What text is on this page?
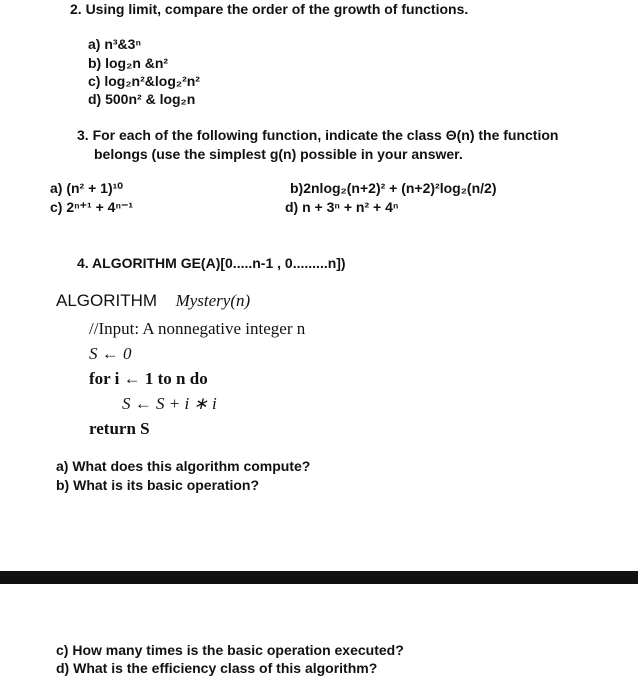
2. Using limit, compare the order of the growth of functions.
a) n³&3ⁿ
b) log₂n &n²
c) log₂n²&log₂²n²
d) 500n² & log₂n
3. For each of the following function, indicate the class Θ(n) the function
belongs (use the simplest g(n) possible in your answer.
a) (n² + 1)¹⁰	b)2nlog₂(n+2)² + (n+2)²log₂(n/2)
c) 2ⁿ⁺¹ + 4ⁿ⁻¹	d) n + 3ⁿ + n² + 4ⁿ
4. ALGORITHM GE(A)[0.....n-1 , 0.........n])
ALGORITHM Mystery(n)
//Input: A nonnegative integer n
S ← 0
for i ← 1 to n do
S ← S + i ∗ i
return S
a) What does this algorithm compute?
b) What is its basic operation?
c) How many times is the basic operation executed?
d) What is the efficiency class of this algorithm?
